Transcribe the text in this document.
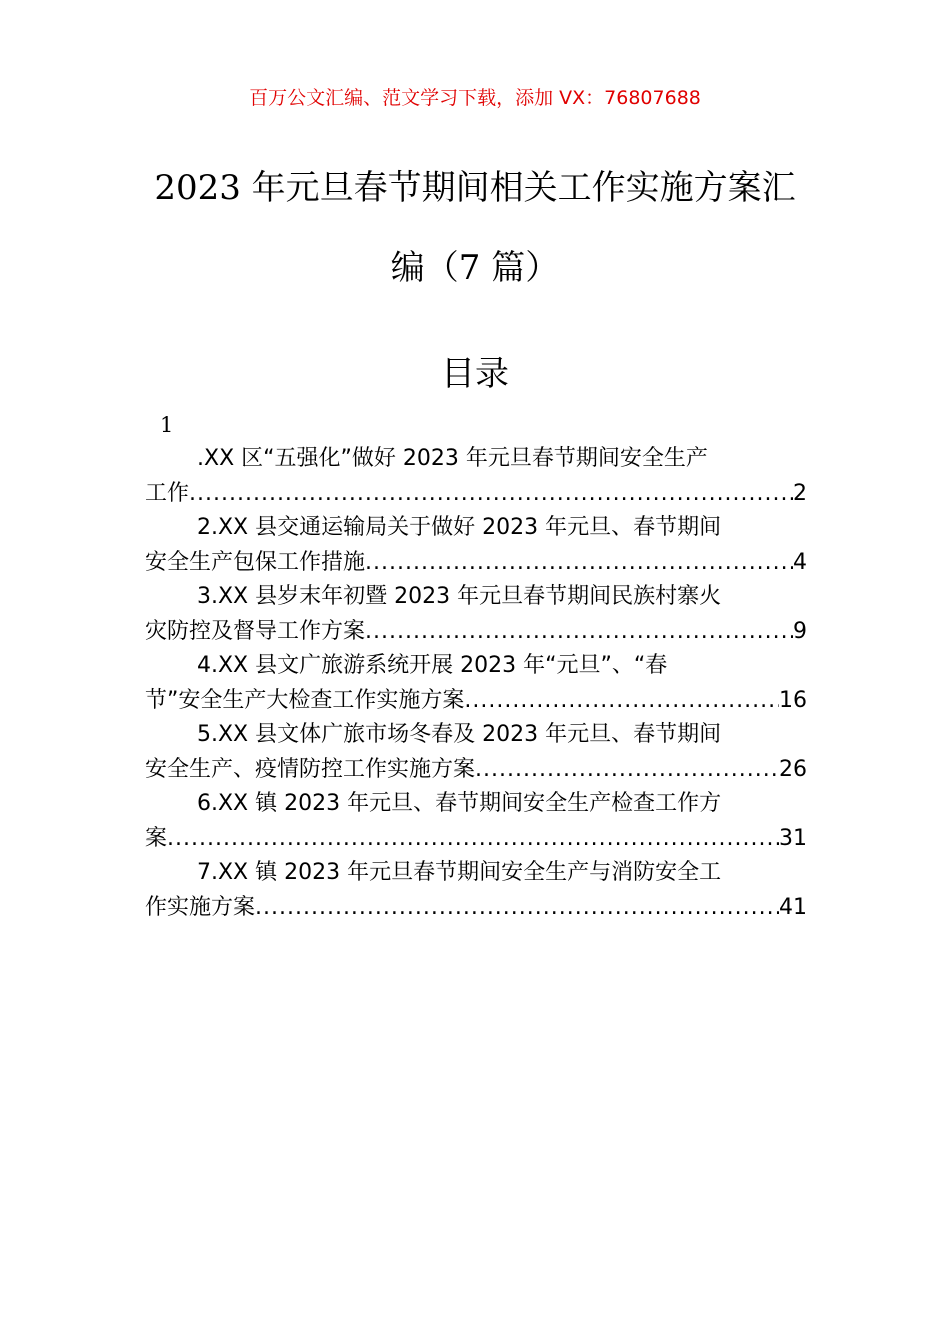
百万公文汇编、范文学习下载，添加 VX：76807688
2023 年元旦春节期间相关工作实施方案汇编（7 篇）
目录
1
.XX 区“五强化”做好 2023 年元旦春节期间安全生产
工作 .....	2
2.XX 县交通运输局关于做好 2023 年元旦、春节期间
安全生产包保工作措施 .....	4
3.XX 县岁末年初暨 2023 年元旦春节期间民族村寨火
灾防控及督导工作方案 .....	9
4.XX 县文广旅游系统开展 2023 年“元旦”、“春
节”安全生产大检查工作实施方案 .....	16
5.XX 县文体广旅市场冬春及 2023 年元旦、春节期间
安全生产、疫情防控工作实施方案 .....	26
6.XX 镇 2023 年元旦、春节期间安全生产检查工作方
案 .....	31
7.XX 镇 2023 年元旦春节期间安全生产与消防安全工
作实施方案 .....	41
